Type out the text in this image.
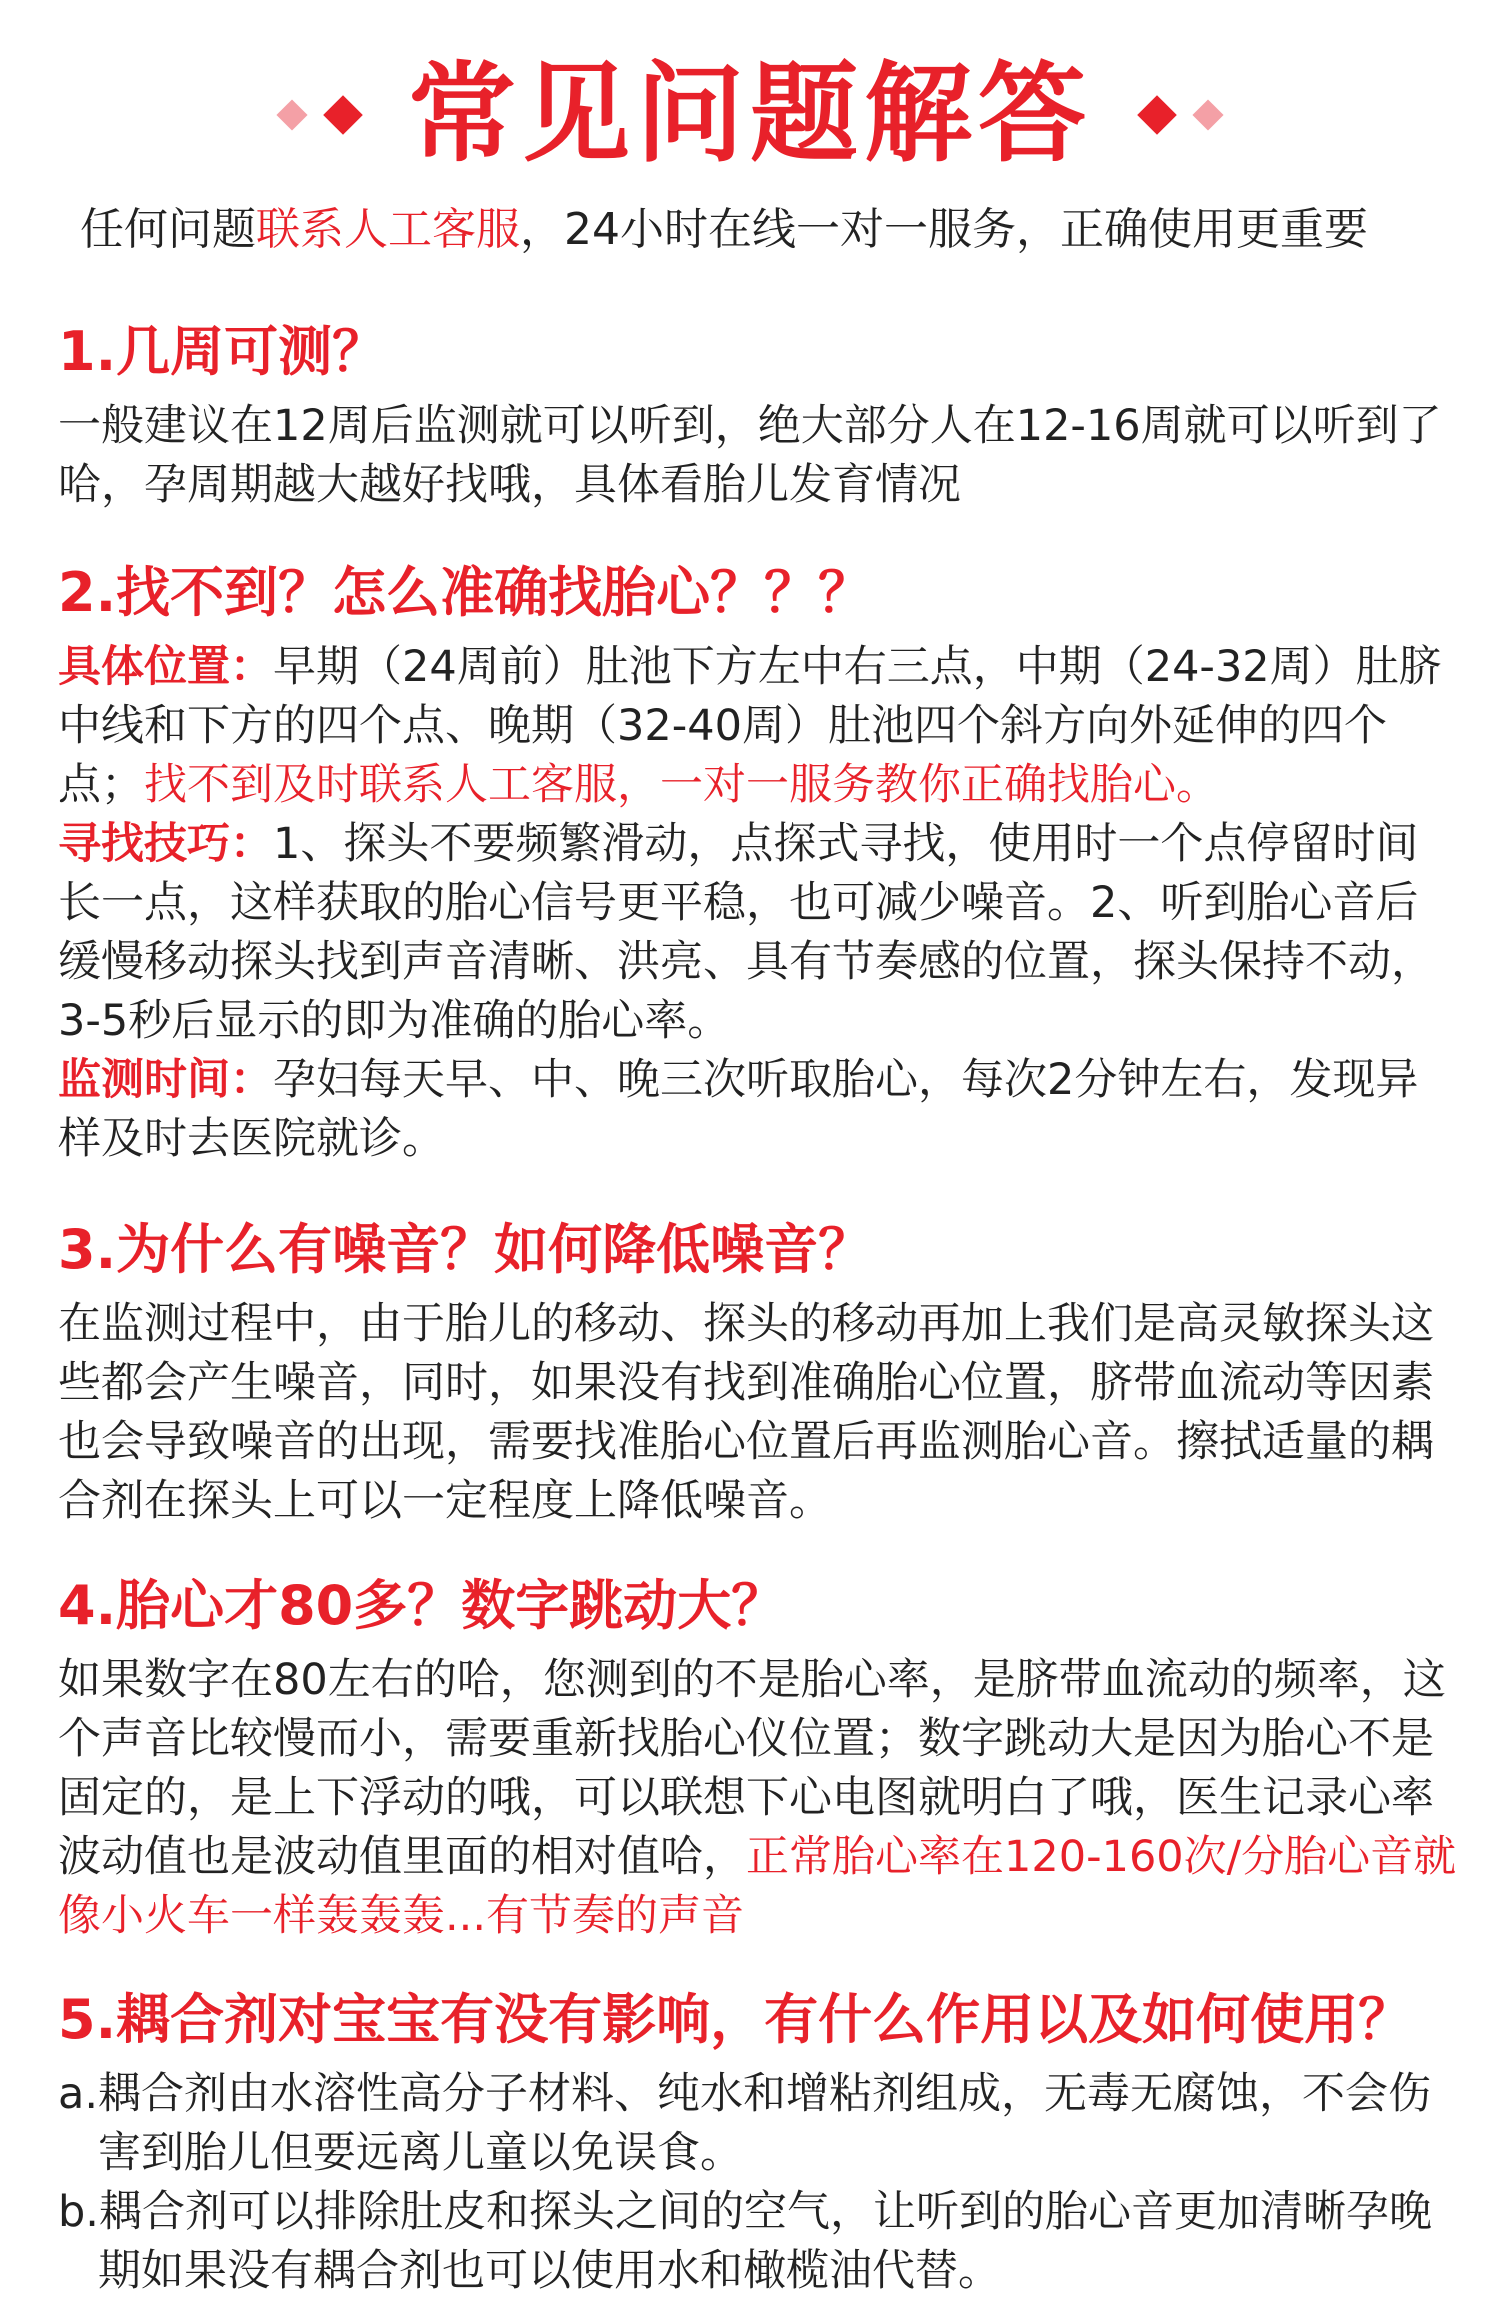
常见问题解答
任何问题联系人工客服，24小时在线一对一服务，正确使用更重要
1.几周可测？
一般建议在12周后监测就可以听到，绝大部分人在12-16周就可以听到了哈，孕周期越大越好找哦，具体看胎儿发育情况
2.找不到？怎么准确找胎心？？？

具体位置：早期（24周前）肚池下方左中右三点，中期（24-32周）肚脐中线和下方的四个点、晚期（32-40周）肚池四个斜方向外延伸的四个点；找不到及时联系人工客服，一对一服务教你正确找胎心。

寻找技巧：1、探头不要频繁滑动，点探式寻找，使用时一个点停留时间长一点，这样获取的胎心信号更平稳，也可减少噪音。2、听到胎心音后缓慢移动探头找到声音清晰、洪亮、具有节奏感的位置，探头保持不动，3-5秒后显示的即为准确的胎心率。

监测时间：孕妇每天早、中、晚三次听取胎心，每次2分钟左右，发现异样及时去医院就诊。

3.为什么有噪音？如何降低噪音？
在监测过程中，由于胎儿的移动、探头的移动再加上我们是高灵敏探头这些都会产生噪音，同时，如果没有找到准确胎心位置，脐带血流动等因素也会导致噪音的出现，需要找准胎心位置后再监测胎心音。擦拭适量的耦合剂在探头上可以一定程度上降低噪音。
4.胎心才80多？数字跳动大？
如果数字在80左右的哈，您测到的不是胎心率，是脐带血流动的频率，这个声音比较慢而小，需要重新找胎心仪位置；数字跳动大是因为胎心不是固定的，是上下浮动的哦，可以联想下心电图就明白了哦，医生记录心率波动值也是波动值里面的相对值哈，正常胎心率在120-160次/分胎心音就像小火车一样轰轰轰...有节奏的声音
5.耦合剂对宝宝有没有影响，有什么作用以及如何使用？

a.耦合剂由水溶性高分子材料、纯水和增粘剂组成，无毒无腐蚀，不会伤害到胎儿但要远离儿童以免误食。

b.耦合剂可以排除肚皮和探头之间的空气，让听到的胎心音更加清晰孕晚期如果没有耦合剂也可以使用水和橄榄油代替。
